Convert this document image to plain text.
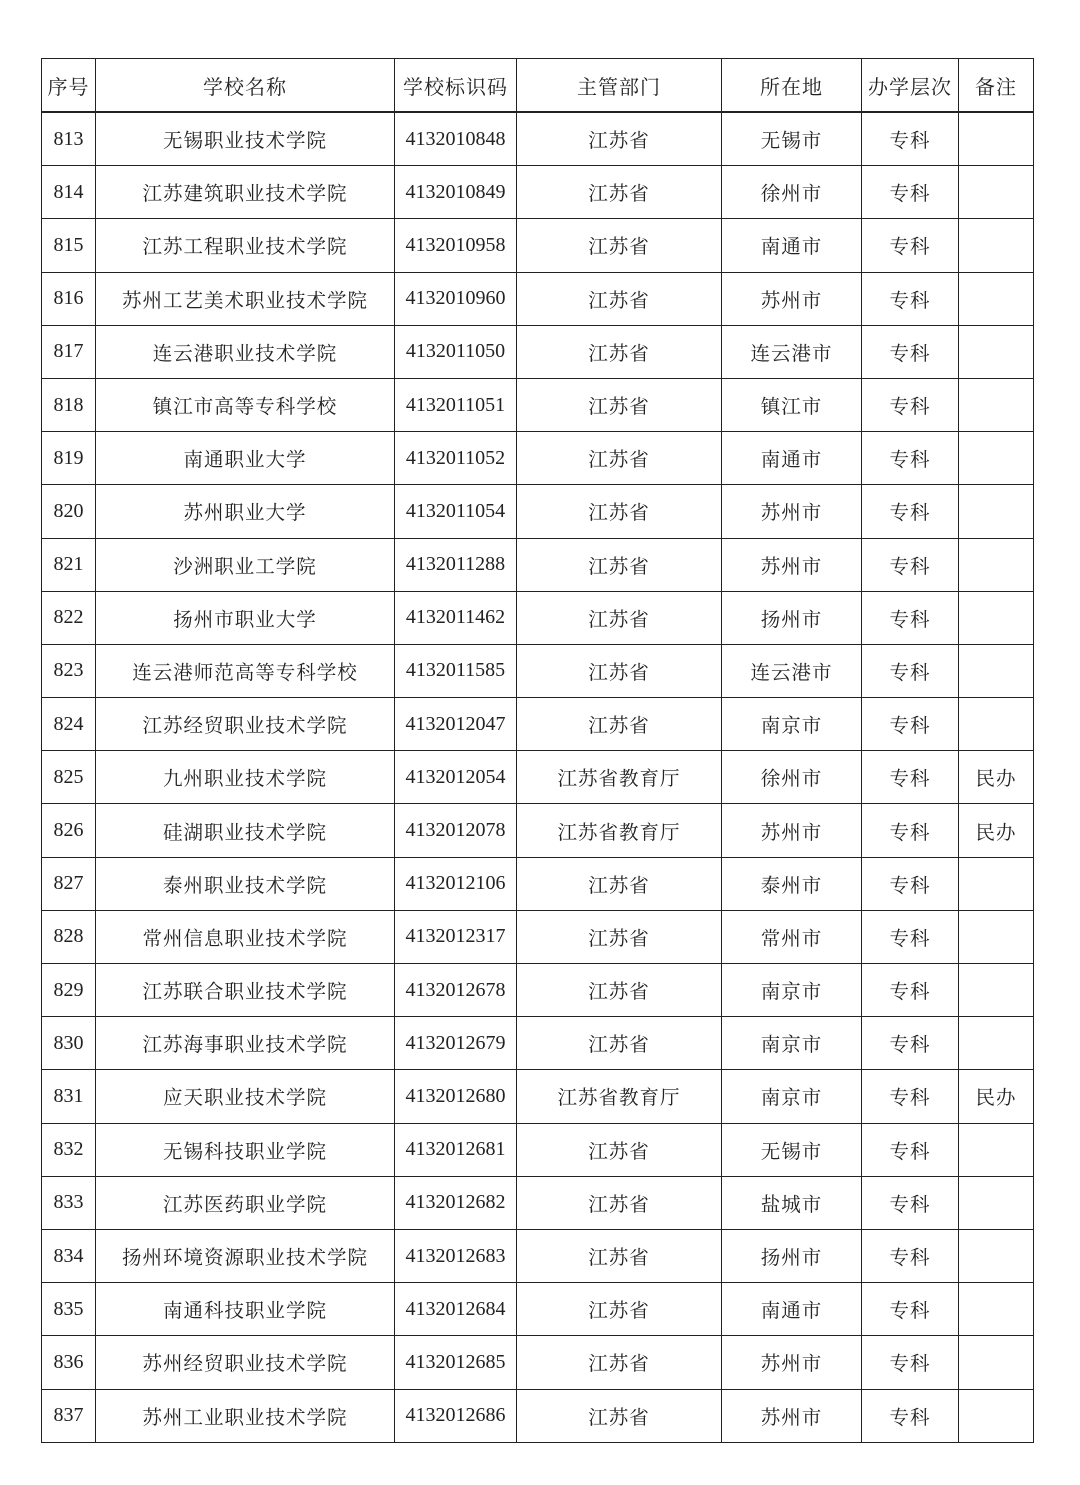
序号	学校名称	学校标识码	主管部门	所在地	办学层次	备注
813	无锡职业技术学院	4132010848	江苏省	无锡市	专科	
814	江苏建筑职业技术学院	4132010849	江苏省	徐州市	专科	
815	江苏工程职业技术学院	4132010958	江苏省	南通市	专科	
816	苏州工艺美术职业技术学院	4132010960	江苏省	苏州市	专科	
817	连云港职业技术学院	4132011050	江苏省	连云港市	专科	
818	镇江市高等专科学校	4132011051	江苏省	镇江市	专科	
819	南通职业大学	4132011052	江苏省	南通市	专科	
820	苏州职业大学	4132011054	江苏省	苏州市	专科	
821	沙洲职业工学院	4132011288	江苏省	苏州市	专科	
822	扬州市职业大学	4132011462	江苏省	扬州市	专科	
823	连云港师范高等专科学校	4132011585	江苏省	连云港市	专科	
824	江苏经贸职业技术学院	4132012047	江苏省	南京市	专科	
825	九州职业技术学院	4132012054	江苏省教育厅	徐州市	专科	民办
826	硅湖职业技术学院	4132012078	江苏省教育厅	苏州市	专科	民办
827	泰州职业技术学院	4132012106	江苏省	泰州市	专科	
828	常州信息职业技术学院	4132012317	江苏省	常州市	专科	
829	江苏联合职业技术学院	4132012678	江苏省	南京市	专科	
830	江苏海事职业技术学院	4132012679	江苏省	南京市	专科	
831	应天职业技术学院	4132012680	江苏省教育厅	南京市	专科	民办
832	无锡科技职业学院	4132012681	江苏省	无锡市	专科	
833	江苏医药职业学院	4132012682	江苏省	盐城市	专科	
834	扬州环境资源职业技术学院	4132012683	江苏省	扬州市	专科	
835	南通科技职业学院	4132012684	江苏省	南通市	专科	
836	苏州经贸职业技术学院	4132012685	江苏省	苏州市	专科	
837	苏州工业职业技术学院	4132012686	江苏省	苏州市	专科	
